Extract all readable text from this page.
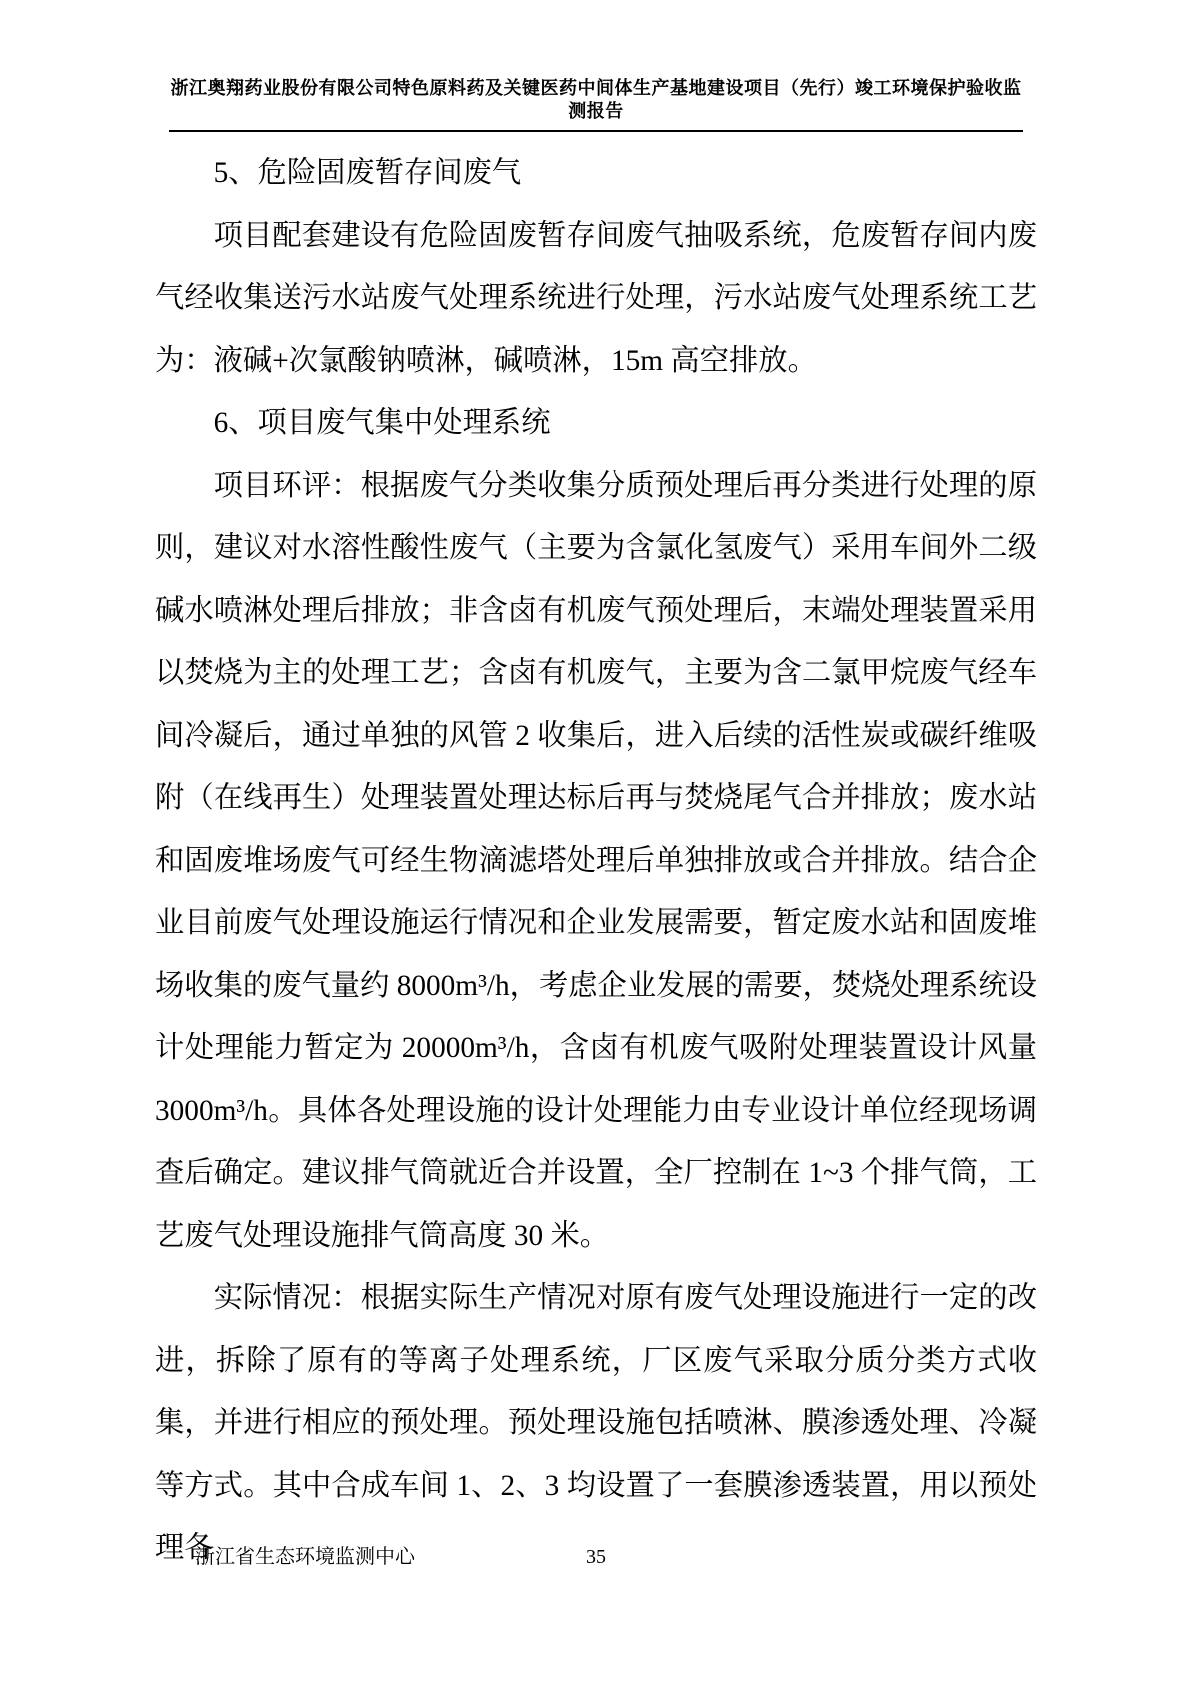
浙江奥翔药业股份有限公司特色原料药及关键医药中间体生产基地建设项目（先行）竣工环境保护验收监
测报告

5、危险固废暂存间废气

项目配套建设有危险固废暂存间废气抽吸系统，危废暂存间内废气经收集送污水站废气处理系统进行处理，污水站废气处理系统工艺为：液碱+次氯酸钠喷淋，碱喷淋，15m 高空排放。

6、项目废气集中处理系统

项目环评：根据废气分类收集分质预处理后再分类进行处理的原则，建议对水溶性酸性废气（主要为含氯化氢废气）采用车间外二级碱水喷淋处理后排放；非含卤有机废气预处理后，末端处理装置采用以焚烧为主的处理工艺；含卤有机废气，主要为含二氯甲烷废气经车间冷凝后，通过单独的风管 2 收集后，进入后续的活性炭或碳纤维吸附（在线再生）处理装置处理达标后再与焚烧尾气合并排放；废水站和固废堆场废气可经生物滴滤塔处理后单独排放或合并排放。结合企业目前废气处理设施运行情况和企业发展需要，暂定废水站和固废堆场收集的废气量约 8000m³/h，考虑企业发展的需要，焚烧处理系统设计处理能力暂定为 20000m³/h，含卤有机废气吸附处理装置设计风量 3000m³/h。具体各处理设施的设计处理能力由专业设计单位经现场调查后确定。建议排气筒就近合并设置，全厂控制在 1~3 个排气筒，工艺废气处理设施排气筒高度 30 米。

实际情况：根据实际生产情况对原有废气处理设施进行一定的改进，拆除了原有的等离子处理系统，厂区废气采取分质分类方式收集，并进行相应的预处理。预处理设施包括喷淋、膜渗透处理、冷凝等方式。其中合成车间 1、2、3 均设置了一套膜渗透装置，用以预处理各

浙江省生态环境监测中心	35
